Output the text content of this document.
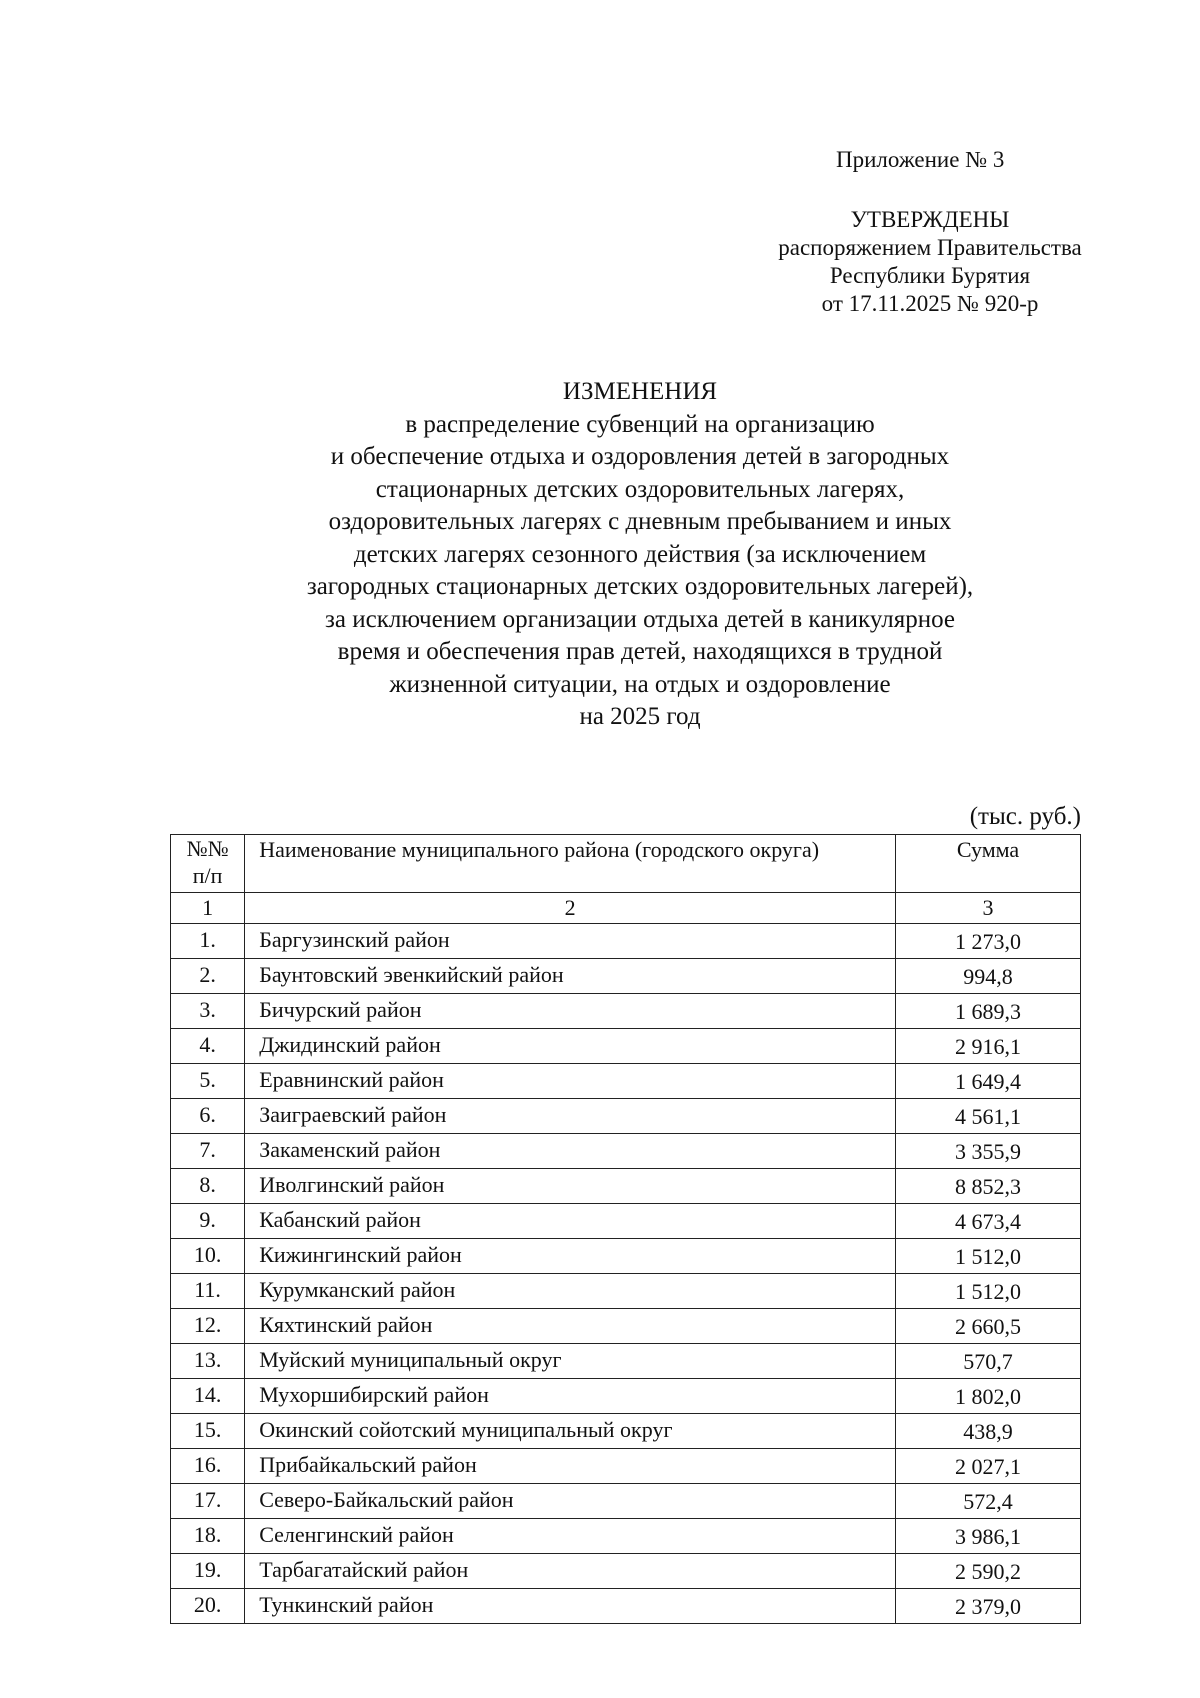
Приложение № 3
УТВЕРЖДЕНЫ
распоряжением Правительства
Республики Бурятия
от 17.11.2025 № 920-р
ИЗМЕНЕНИЯ
в распределение субвенций на организацию
и обеспечение отдыха и оздоровления детей в загородных
стационарных детских оздоровительных лагерях,
оздоровительных лагерях с дневным пребыванием и иных
детских лагерях сезонного действия (за исключением
загородных стационарных детских оздоровительных лагерей),
за исключением организации отдыха детей в каникулярное
время и обеспечения прав детей, находящихся в трудной
жизненной ситуации, на отдых и оздоровление
на 2025 год
(тыс. руб.)
№№
п/п	Наименование муниципального района (городского округа)	Сумма
1	2	3
1.	Баргузинский район	1 273,0
2.	Баунтовский эвенкийский район	994,8
3.	Бичурский район	1 689,3
4.	Джидинский район	2 916,1
5.	Еравнинский район	1 649,4
6.	Заиграевский район	4 561,1
7.	Закаменский район	3 355,9
8.	Иволгинский район	8 852,3
9.	Кабанский район	4 673,4
10.	Кижингинский район	1 512,0
11.	Курумканский район	1 512,0
12.	Кяхтинский район	2 660,5
13.	Муйский муниципальный округ	570,7
14.	Мухоршибирский район	1 802,0
15.	Окинский сойотский муниципальный округ	438,9
16.	Прибайкальский район	2 027,1
17.	Северо-Байкальский район	572,4
18.	Селенгинский район	3 986,1
19.	Тарбагатайский район	2 590,2
20.	Тункинский район	2 379,0
